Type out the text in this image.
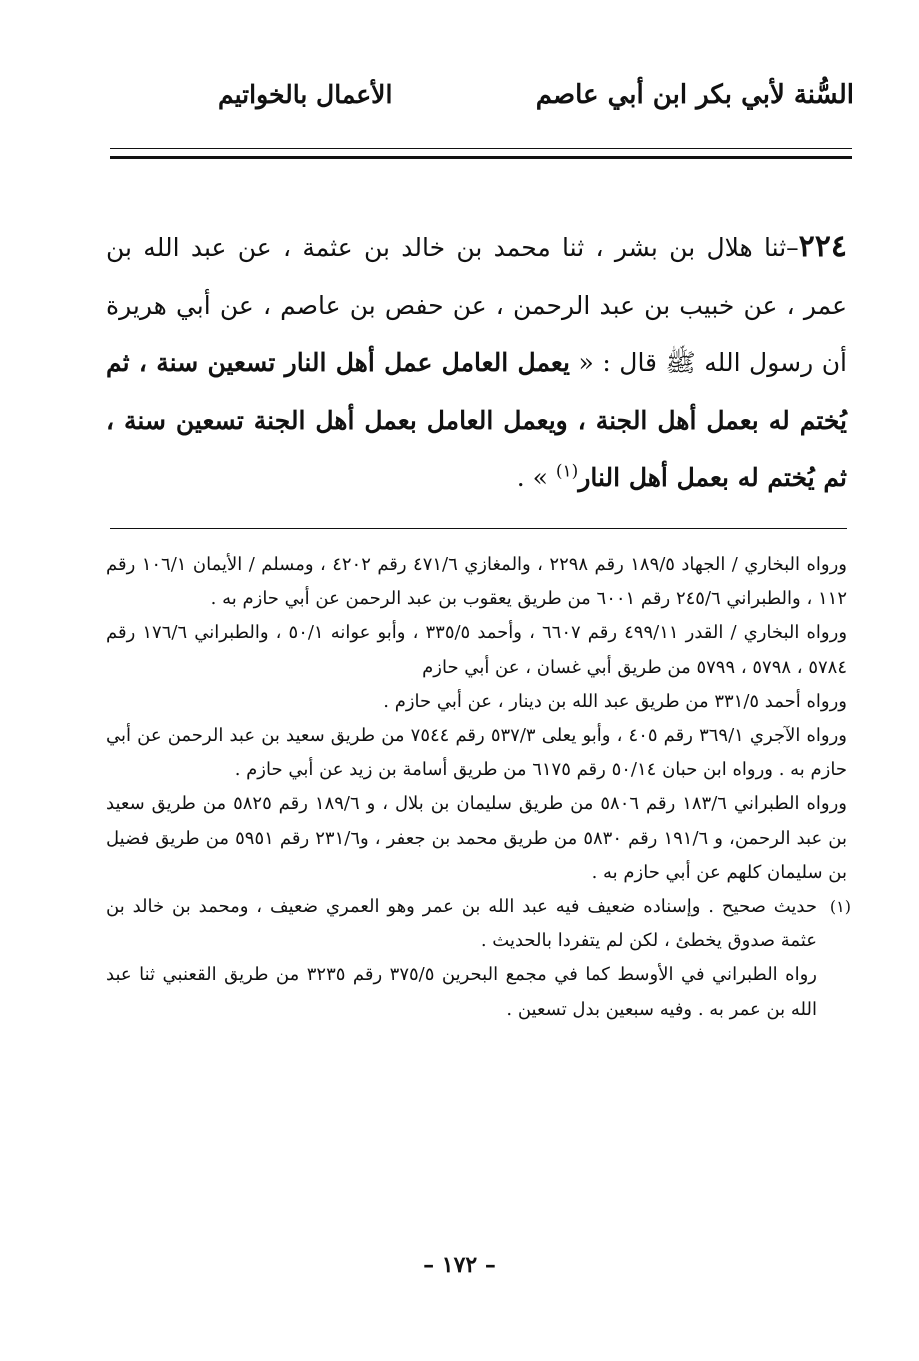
السُّنة لأبي بكر ابن أبي عاصم
الأعمال بالخواتيم
٢٢٤–ثنا هلال بن بشر ، ثنا محمد بن خالد بن عثمة ، عن عبد الله بن عمر ، عن خبيب بن عبد الرحمن ، عن حفص بن عاصم ، عن أبي هريرة أن رسول الله ﷺ قال : « يعمل العامل عمل أهل النار تسعين سنة ، ثم يُختم له بعمل أهل الجنة ، ويعمل العامل بعمل أهل الجنة تسعين سنة ، ثم يُختم له بعمل أهل النار$^{(١)}$ » .

ورواه البخاري / الجهاد ١٨٩/٥ رقم ٢٢٩٨ ، والمغازي ٤٧١/٦ رقم ٤٢٠٢ ، ومسلم / الأيمان ١٠٦/١ رقم ١١٢ ، والطبراني ٢٤٥/٦ رقم ٦٠٠١ من طريق يعقوب بن عبد الرحمن عن أبي حازم به .

ورواه البخاري / القدر ٤٩٩/١١ رقم ٦٦٠٧ ، وأحمد ٣٣٥/٥ ، وأبو عوانه ٥٠/١ ، والطبراني ١٧٦/٦ رقم ٥٧٨٤ ، ٥٧٩٨ ، ٥٧٩٩ من طريق أبي غسان ، عن أبي حازم

ورواه أحمد ٣٣١/٥ من طريق عبد الله بن دينار ، عن أبي حازم .

ورواه الآجري ٣٦٩/١ رقم ٤٠٥ ، وأبو يعلى ٥٣٧/٣ رقم ٧٥٤٤ من طريق سعيد بن عبد الرحمن عن أبي حازم به . ورواه ابن حبان ٥٠/١٤ رقم ٦١٧٥ من طريق أسامة بن زيد عن أبي حازم .

ورواه الطبراني ١٨٣/٦ رقم ٥٨٠٦ من طريق سليمان بن بلال ، و ١٨٩/٦ رقم ٥٨٢٥ من طريق سعيد بن عبد الرحمن، و ١٩١/٦ رقم ٥٨٣٠ من طريق محمد بن جعفر ، و٢٣١/٦ رقم ٥٩٥١ من طريق فضيل بن سليمان كلهم عن أبي حازم به .

(١)

حديث صحيح . وإسناده ضعيف فيه عبد الله بن عمر وهو العمري ضعيف ، ومحمد بن خالد بن عثمة صدوق يخطئ ، لكن لم يتفردا بالحديث .

رواه الطبراني في الأوسط كما في مجمع البحرين ٣٧٥/٥ رقم ٣٢٣٥ من طريق القعنبي ثنا عبد الله بن عمر به . وفيه سبعين بدل تسعين .

– ١٧٢ –
